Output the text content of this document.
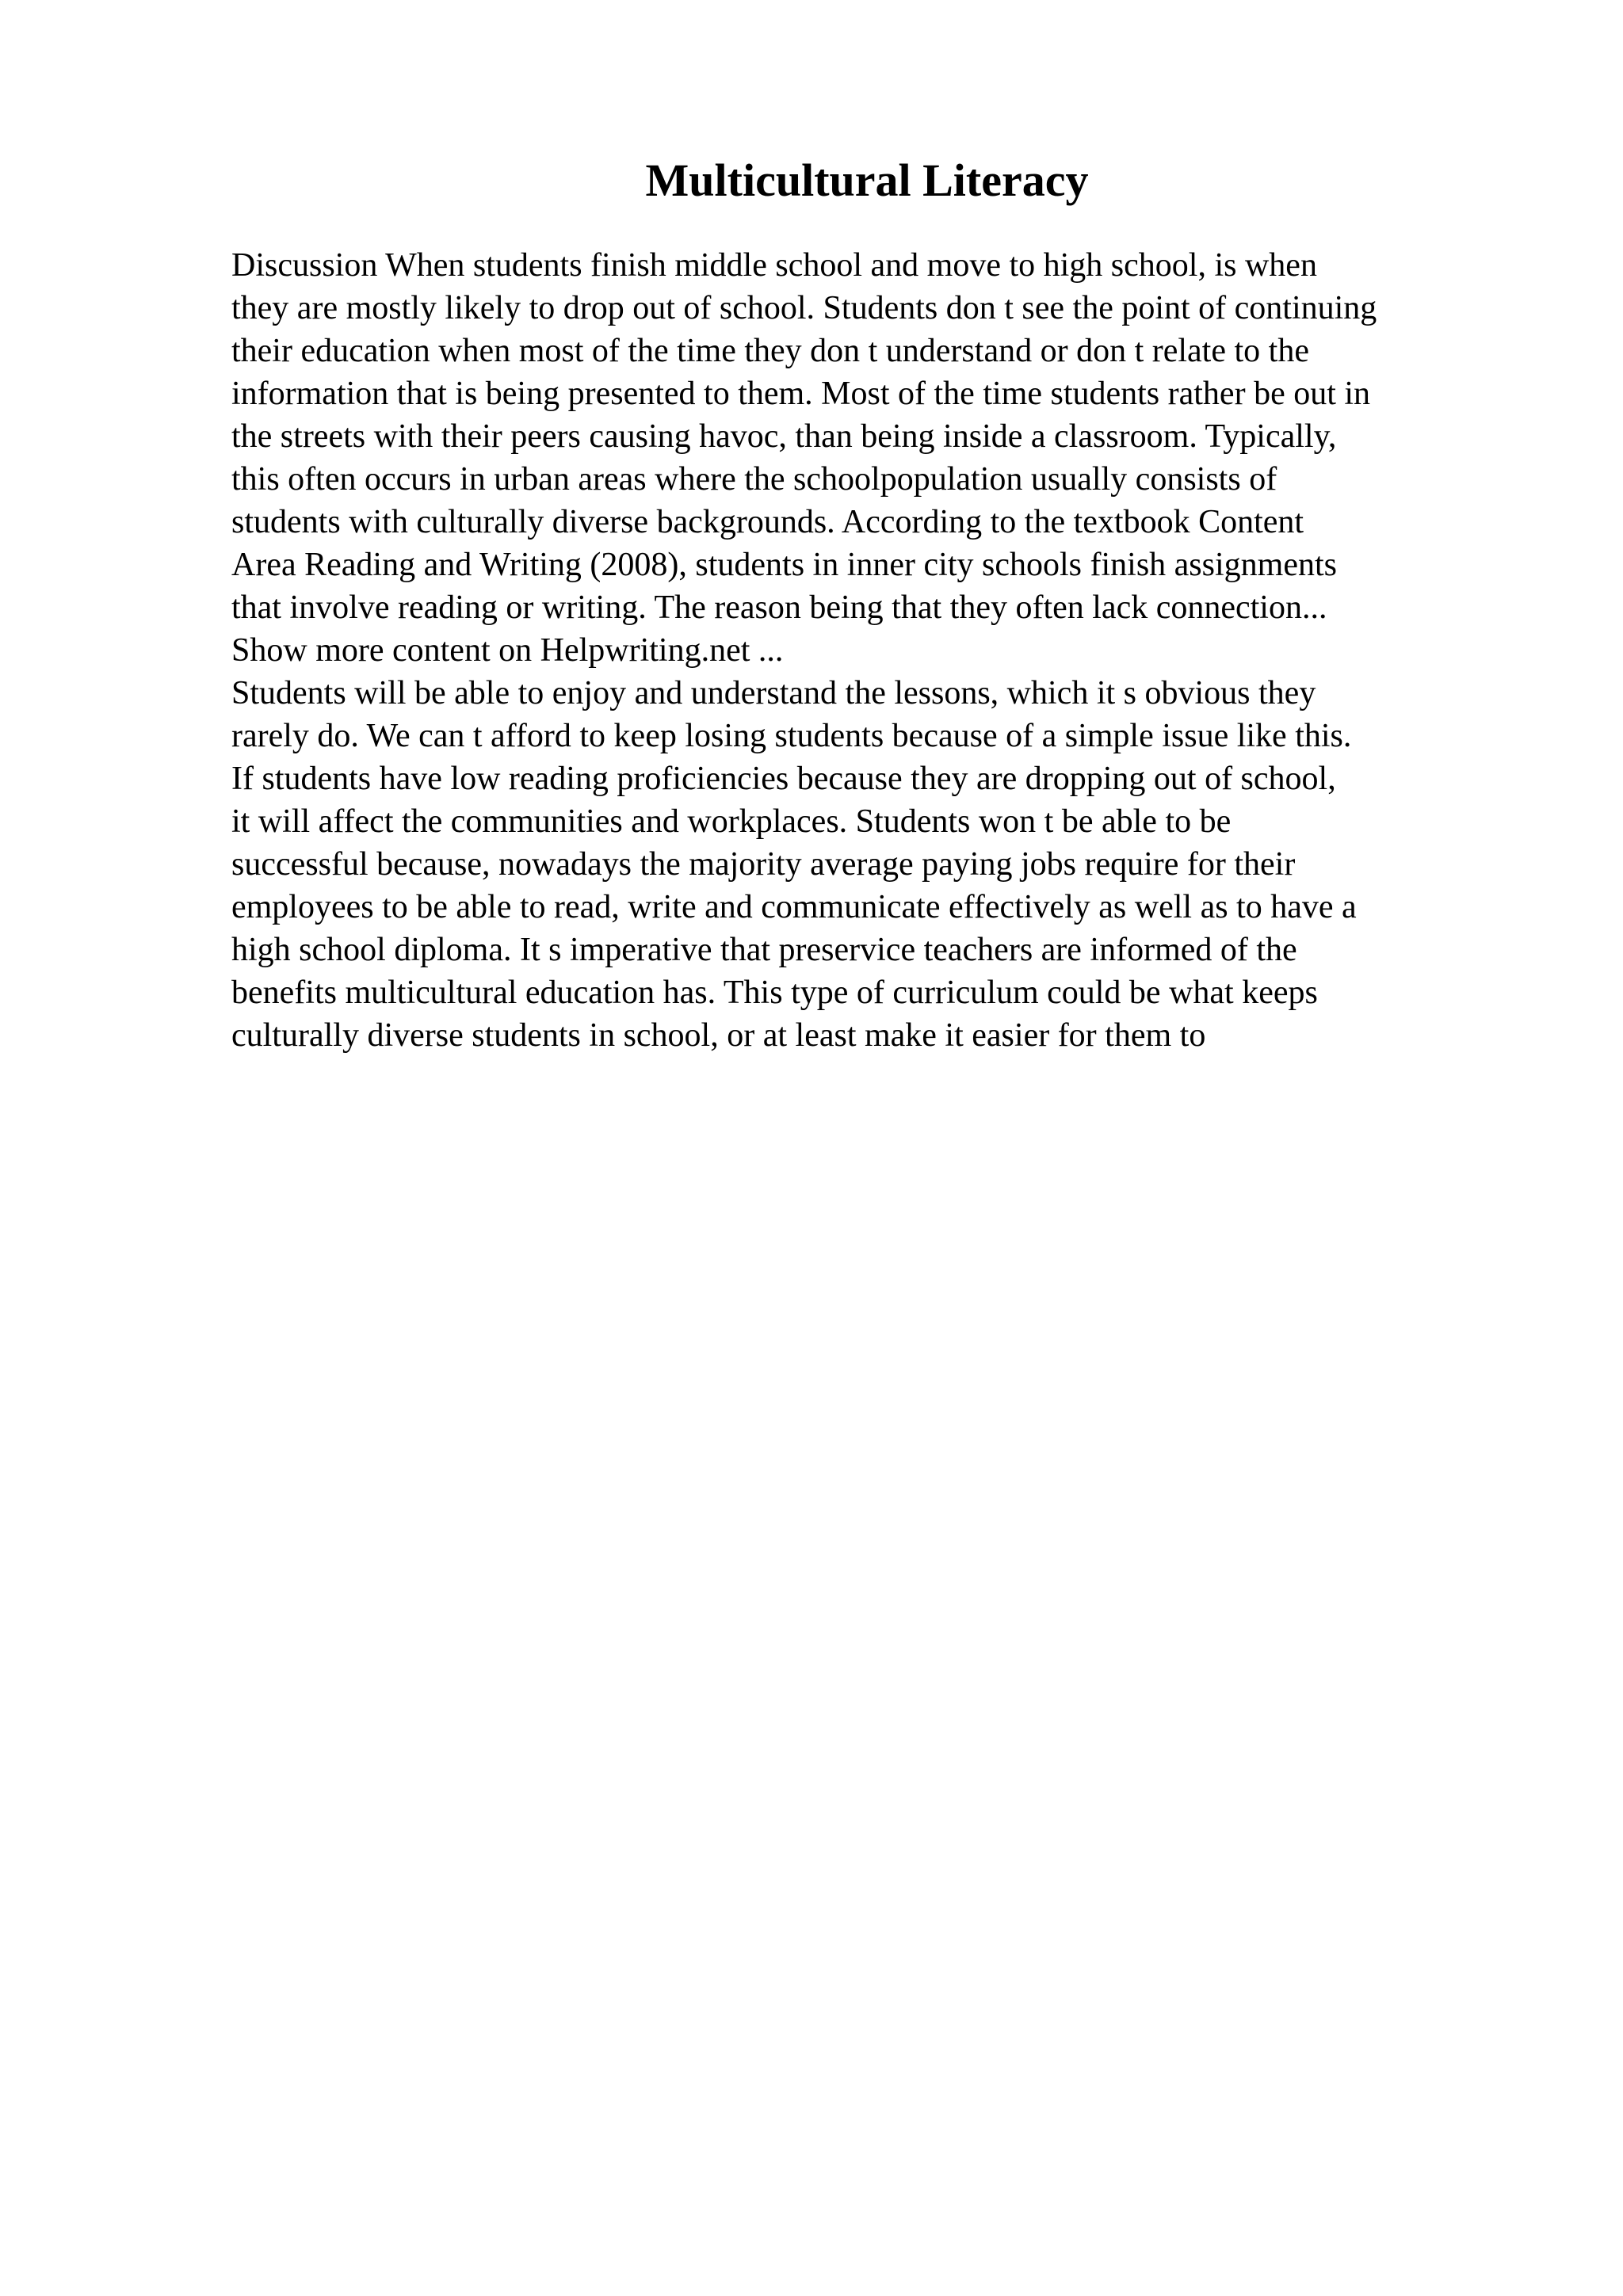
Multicultural Literacy
Discussion When students finish middle school and move to high school, is when
they are mostly likely to drop out of school. Students don t see the point of continuing
their education when most of the time they don t understand or don t relate to the
information that is being presented to them. Most of the time students rather be out in
the streets with their peers causing havoc, than being inside a classroom. Typically,
this often occurs in urban areas where the schoolpopulation usually consists of
students with culturally diverse backgrounds. According to the textbook Content
Area Reading and Writing (2008), students in inner city schools finish assignments
that involve reading or writing. The reason being that they often lack connection...
Show more content on Helpwriting.net ...
Students will be able to enjoy and understand the lessons, which it s obvious they
rarely do. We can t afford to keep losing students because of a simple issue like this.
If students have low reading proficiencies because they are dropping out of school,
it will affect the communities and workplaces. Students won t be able to be
successful because, nowadays the majority average paying jobs require for their
employees to be able to read, write and communicate effectively as well as to have a
high school diploma. It s imperative that preservice teachers are informed of the
benefits multicultural education has. This type of curriculum could be what keeps
culturally diverse students in school, or at least make it easier for them to
